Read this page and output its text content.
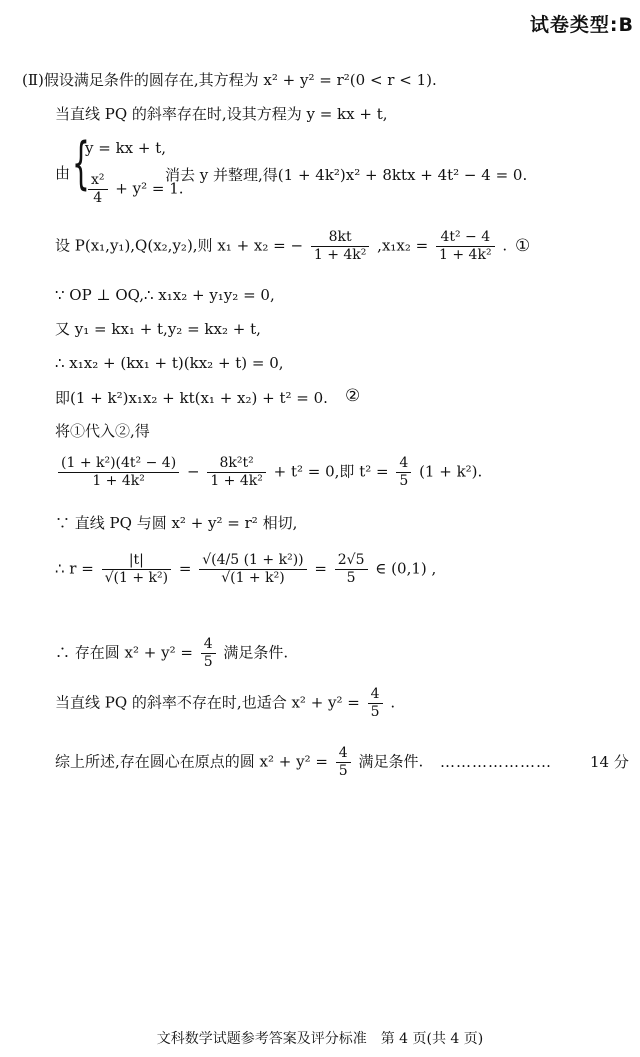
试卷类型:B
(Ⅱ)假设满足条件的圆存在,其方程为 x² + y² = r²(0 < r < 1).
当直线 PQ 的斜率存在时,设其方程为 y = kx + t,
由 {
y = kx + t,
$\frac{\text{x²}}{4} + y^2 = 1$.
消去 y 并整理,得(1 + 4k²)x² + 8ktx + 4t² − 4 = 0.
设 P(x₁,y₁),Q(x₂,y₂),则 x₁ + x₂ = − $\frac{8kt}{\text{1 + 4k²}} ,x_1x_2 = \frac{\text{4t² − 4}}{\text{1 + 4k²}}$ . ①
∵ OP ⊥ OQ,∴ x₁x₂ + y₁y₂ = 0,
又 y₁ = kx₁ + t,y₂ = kx₂ + t,
∴ x₁x₂ + (kx₁ + t)(kx₂ + t) = 0,
即(1 + k²)x₁x₂ + kt(x₁ + x₂) + t² = 0. ②
将①代入②,得
$\frac{\text{(1 + k²)(4t² − 4)}}{\text{1 + 4k²}} - \frac{\text{8k²t²}}{\text{1 + 4k²}} + t^2 = 0$,即 $t^2 = \frac{4}{5} (1 + k^2)$.
∵ 直线 PQ 与圆 x² + y² = r² 相切,
∴ $r = \frac{|t|}{\text{√(1 + k²)}} = \frac{\text{√(4/5 (1 + k²))}}{\text{√(1 + k²)}} = \frac{2√5}{5}$ ∈ (0,1) ,
∴ 存在圆 $x^2 + y^2 = \frac{4}{5}$ 满足条件.
当直线 PQ 的斜率不存在时,也适合 $x^2 + y^2 = \frac{4}{5}$ .
综上所述,存在圆心在原点的圆 $x^2 + y^2 = \frac{4}{5}$ 满足条件. …………………	14 分
文科数学试题参考答案及评分标准　第 4 页(共 4 页)
